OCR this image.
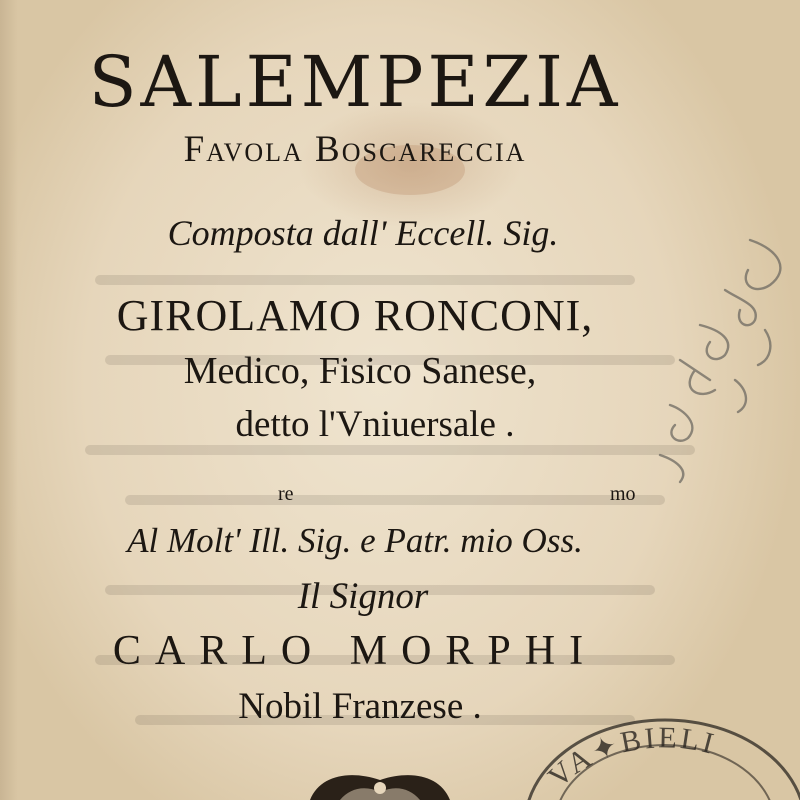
SALEMPEZIA
Favola Boscareccia
Composta dall' Eccell. Sig.
GIROLAMO RONCONI,
Medico, Fisico Sanese,
detto l'Vniuersale .
re	mo
Al Molt' Ill. Sig. e Patr. mio Oss.
Il Signor
CARLO MORPHI
Nobil Franzese .
VA✦BIELI
